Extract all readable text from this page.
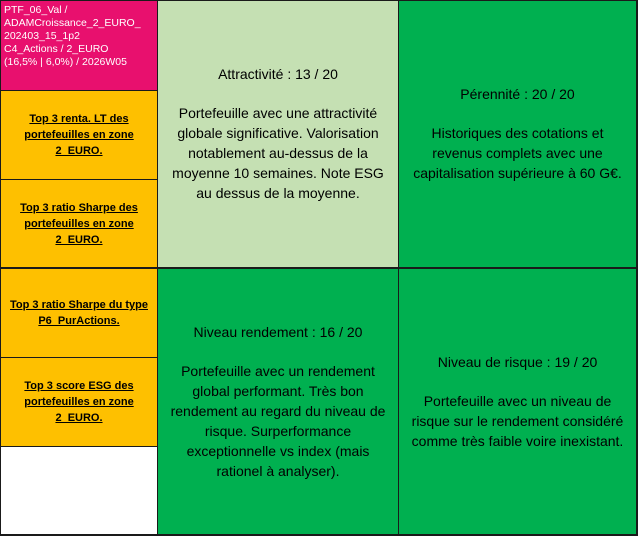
PTF_06_Val /
ADAMCroissance_2_EURO_
202403_15_1p2
C4_Actions / 2_EURO
(16,5% | 6,0%) / 2026W05
Top 3 renta. LT des portefeuilles en zone 2_EURO.
Top 3 ratio Sharpe des portefeuilles en zone 2_EURO.
Top 3 ratio Sharpe du type P6_PurActions.
Top 3 score ESG des portefeuilles en zone 2_EURO.
Attractivité : 13 / 20
Portefeuille avec une attractivité globale significative. Valorisation notablement au-dessus de la moyenne 10 semaines. Note ESG au dessus de la moyenne.
Pérennité : 20 / 20
Historiques des cotations et revenus complets avec une capitalisation supérieure à 60 G€.
Niveau rendement : 16 / 20
Portefeuille avec un rendement global performant. Très bon rendement au regard du niveau de risque. Surperformance exceptionnelle vs index (mais rationel à analyser).
Niveau de risque : 19 / 20
Portefeuille avec un niveau de risque sur le rendement considéré comme très faible voire inexistant.
